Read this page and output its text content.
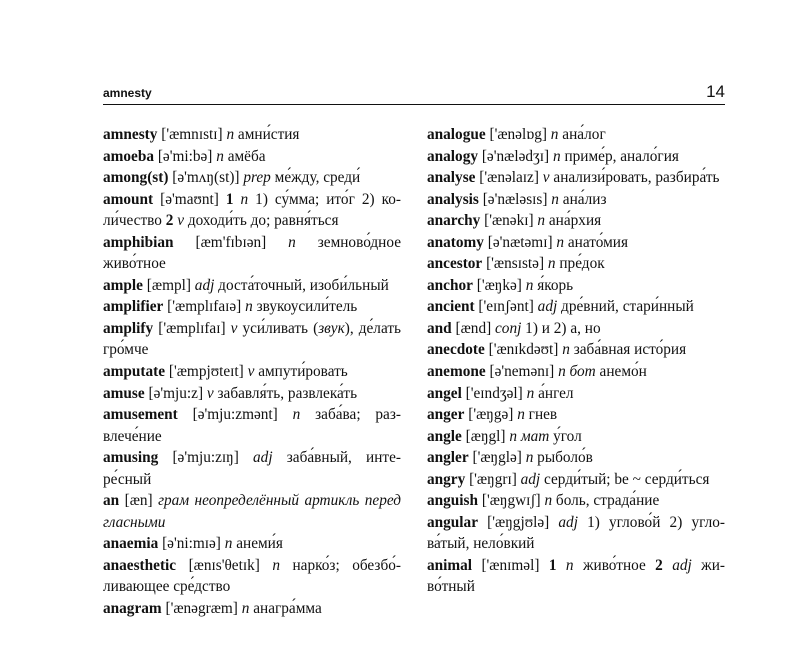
amnesty	14

amnesty ['æmnɪstɪ] n амни́стия

amoeba [ə'mi:bə] n амёба

among(st) [ə'mʌŋ(st)] prep ме́жду, среди́

amount [ə'maʊnt] 1 n 1) су́мма; ито́г 2) коли́чество 2 v доходи́ть до; равня́ться

amphibian [æm'fɪbɪən] n земново́дное живо́тное

ample [æmpl] adj доста́точный, изоби́льный

amplifier ['æmplɪfaɪə] n звукоусили́тель

amplify ['æmplɪfaɪ] v уси́ливать (звук), де́лать гро́мче

amputate ['æmpjʊteɪt] v ампути́ровать

amuse [ə'mju:z] v забавля́ть, развлека́ть

amusement [ə'mju:zmənt] n заба́ва; развлече́ние

amusing [ə'mju:zɪŋ] adj заба́вный, интере́сный

an [æn] грам неопределённый артикль перед гласными

anaemia [ə'ni:mɪə] n анеми́я

anaesthetic [ænɪs'θetɪk] n нарко́з; обезбо́ливающее сре́дство

anagram ['ænəgræm] n анагра́мма

analogue ['ænəlɒg] n ана́лог

analogy [ə'nælədʒɪ] n приме́р, анало́гия

analyse ['ænəlaɪz] v анализи́ровать, разбира́ть

analysis [ə'næləsɪs] n ана́лиз

anarchy ['ænəkɪ] n ана́рхия

anatomy [ə'nætəmɪ] n анато́мия

ancestor ['ænsɪstə] n пре́док

anchor ['æŋkə] n я́корь

ancient ['eɪnʃənt] adj дре́вний, стари́нный

and [ænd] conj 1) и 2) а, но

anecdote ['ænɪkdəʊt] n заба́вная исто́рия

anemone [ə'nemənɪ] n бот анемо́н

angel ['eɪndʒəl] n а́нгел

anger ['æŋgə] n гнев

angle [æŋgl] n мат у́гол

angler ['æŋglə] n рыболо́в

angry ['æŋgrɪ] adj серди́тый; be ~ серди́ться

anguish ['æŋgwɪʃ] n боль, страда́ние

angular ['æŋgjʊlə] adj 1) углово́й 2) углова́тый, нело́вкий

animal ['ænɪməl] 1 n живо́тное 2 adj живо́тный
